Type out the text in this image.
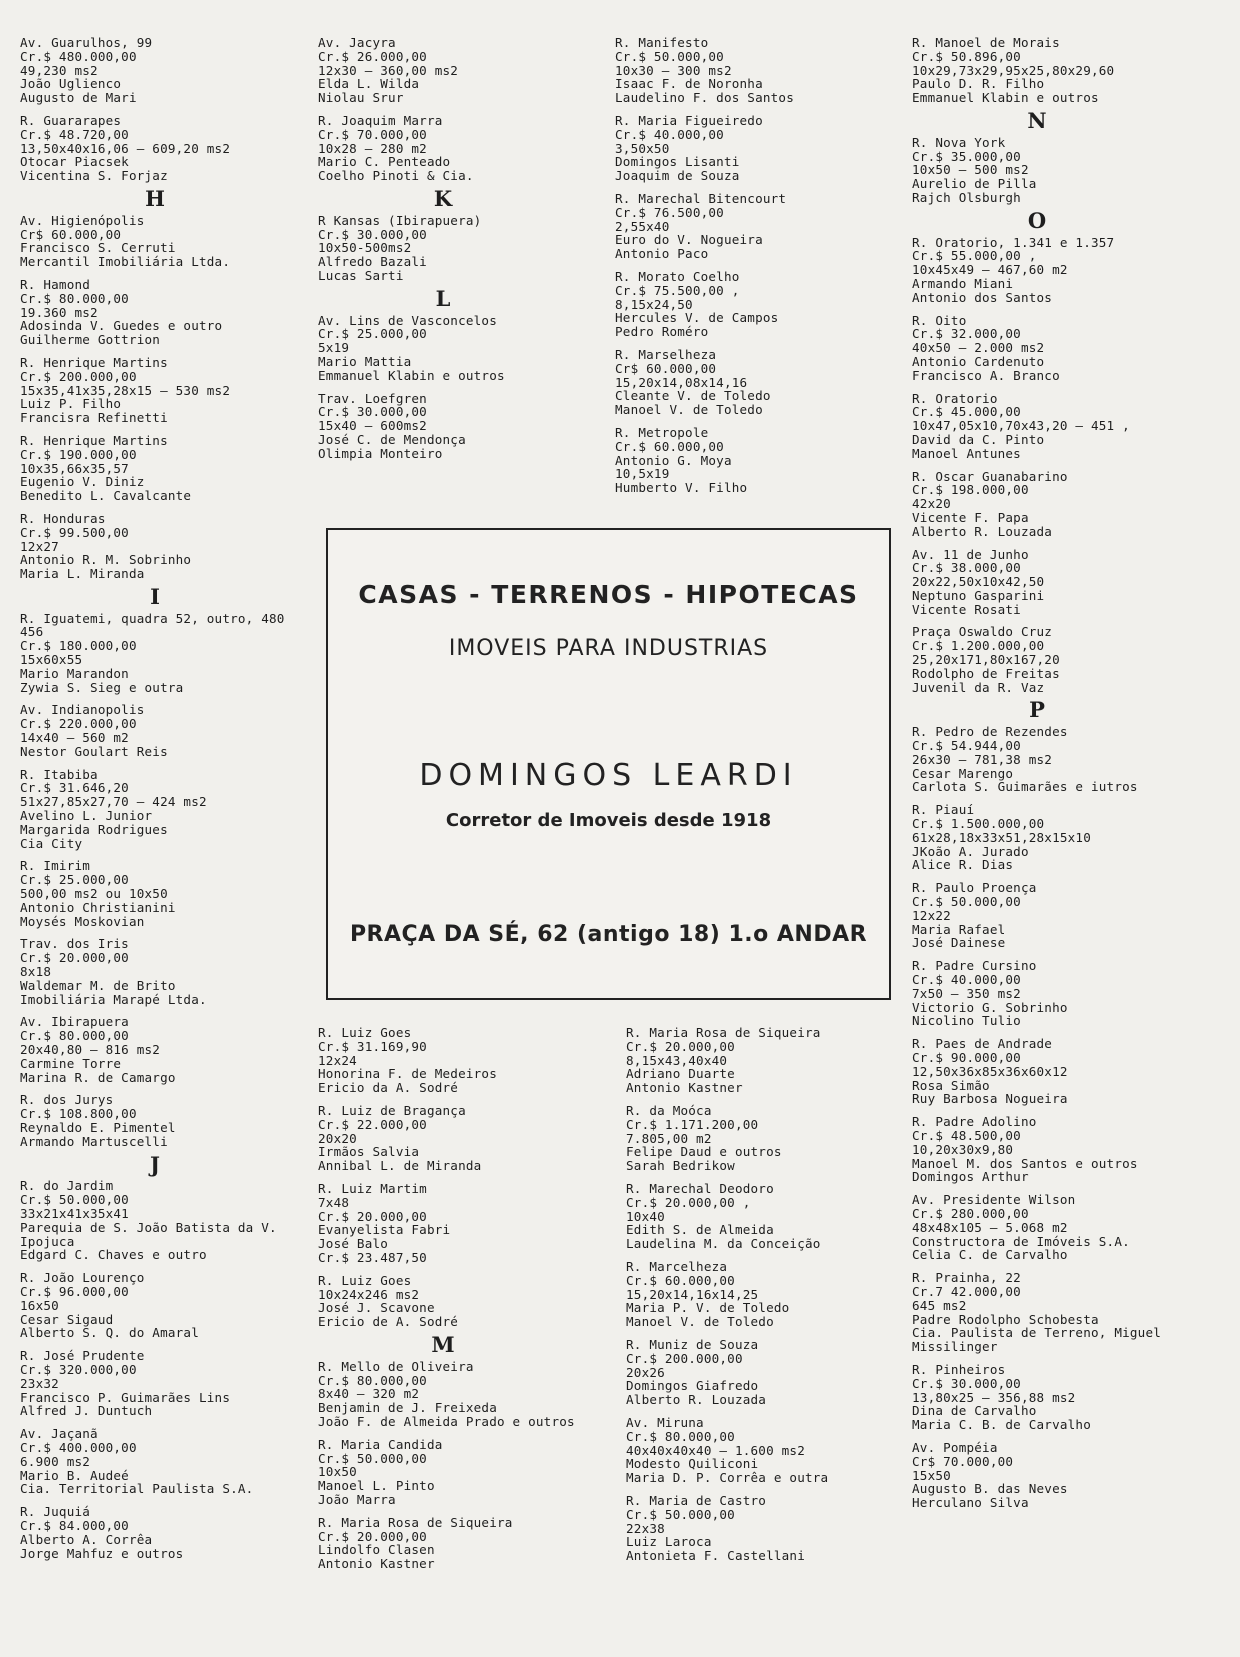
Av. Guarulhos, 99
Cr.$ 480.000,00
49,230 ms2
João Uglienco
Augusto de Mari
R. Guararapes
Cr.$ 48.720,00
13,50x40x16,06 — 609,20 ms2
Otocar Piacsek
Vicentina S. Forjaz
H
Av. Higienópolis
Cr$ 60.000,00
Francisco S. Cerruti
Mercantil Imobiliária Ltda.
R. Hamond
Cr.$ 80.000,00
19.360 ms2
Adosinda V. Guedes e outro
Guilherme Gottrion
R. Henrique Martins
Cr.$ 200.000,00
15x35,41x35,28x15 — 530 ms2
Luiz P. Filho
Francisra Refinetti
R. Henrique Martins
Cr.$ 190.000,00
10x35,66x35,57
Eugenio V. Diniz
Benedito L. Cavalcante
R. Honduras
Cr.$ 99.500,00
12x27
Antonio R. M. Sobrinho
Maria L. Miranda
I
R. Iguatemi, quadra 52, outro, 480
456
Cr.$ 180.000,00
15x60x55
Mario Marandon
Zywia S. Sieg e outra
Av. Indianopolis
Cr.$ 220.000,00
14x40 — 560 m2
Nestor Goulart Reis
R. Itabiba
Cr.$ 31.646,20
51x27,85x27,70 — 424 ms2
Avelino L. Junior
Margarida Rodrigues
Cia City
R. Imirim
Cr.$ 25.000,00
500,00 ms2 ou 10x50
Antonio Christianini
Moysés Moskovian
Trav. dos Iris
Cr.$ 20.000,00
8x18
Waldemar M. de Brito
Imobiliária Marapé Ltda.
Av. Ibirapuera
Cr.$ 80.000,00
20x40,80 — 816 ms2
Carmine Torre
Marina R. de Camargo
R. dos Jurys
Cr.$ 108.800,00
Reynaldo E. Pimentel
Armando Martuscelli
J
R. do Jardim
Cr.$ 50.000,00
33x21x41x35x41
Parequia de S. João Batista da V.
Ipojuca
Edgard C. Chaves e outro
R. João Lourenço
Cr.$ 96.000,00
16x50
Cesar Sigaud
Alberto S. Q. do Amaral
R. José Prudente
Cr.$ 320.000,00
23x32
Francisco P. Guimarães Lins
Alfred J. Duntuch
Av. Jaçanã
Cr.$ 400.000,00
6.900 ms2
Mario B. Audeé
Cia. Territorial Paulista S.A.
R. Juquiá
Cr.$ 84.000,00
Alberto A. Corrêa
Jorge Mahfuz e outros
Av. Jacyra
Cr.$ 26.000,00
12x30 — 360,00 ms2
Elda L. Wilda
Niolau Srur
R. Joaquim Marra
Cr.$ 70.000,00
10x28 — 280 m2
Mario C. Penteado
Coelho Pinoti & Cia.
K
R Kansas (Ibirapuera)
Cr.$ 30.000,00
10x50-500ms2
Alfredo Bazali
Lucas Sarti
L
Av. Lins de Vasconcelos
Cr.$ 25.000,00
5x19
Mario Mattia
Emmanuel Klabin e outros
Trav. Loefgren
Cr.$ 30.000,00
15x40 — 600ms2
José C. de Mendonça
Olimpia Monteiro
R. Manifesto
Cr.$ 50.000,00
10x30 — 300 ms2
Isaac F. de Noronha
Laudelino F. dos Santos
R. Maria Figueiredo
Cr.$ 40.000,00
3,50x50
Domingos Lisanti
Joaquim de Souza
R. Marechal Bitencourt
Cr.$ 76.500,00
2,55x40
Euro do V. Nogueira
Antonio Paco
R. Morato Coelho
Cr.$ 75.500,00 ,
8,15x24,50
Hercules V. de Campos
Pedro Roméro
R. Marselheza
Cr$ 60.000,00
15,20x14,08x14,16
Cleante V. de Toledo
Manoel V. de Toledo
R. Metropole
Cr.$ 60.000,00
Antonio G. Moya
10,5x19
Humberto V. Filho
R. Manoel de Morais
Cr.$ 50.896,00
10x29,73x29,95x25,80x29,60
Paulo D. R. Filho
Emmanuel Klabin e outros
N
R. Nova York
Cr.$ 35.000,00
10x50 — 500 ms2
Aurelio de Pilla
Rajch Olsburgh
O
R. Oratorio, 1.341 e 1.357
Cr.$ 55.000,00 ,
10x45x49 — 467,60 m2
Armando Miani
Antonio dos Santos
R. Oito
Cr.$ 32.000,00
40x50 — 2.000 ms2
Antonio Cardenuto
Francisco A. Branco
R. Oratorio
Cr.$ 45.000,00
10x47,05x10,70x43,20 — 451 ,
David da C. Pinto
Manoel Antunes
R. Oscar Guanabarino
Cr.$ 198.000,00
42x20
Vicente F. Papa
Alberto R. Louzada
Av. 11 de Junho
Cr.$ 38.000,00
20x22,50x10x42,50
Neptuno Gasparini
Vicente Rosati
Praça Oswaldo Cruz
Cr.$ 1.200.000,00
25,20x171,80x167,20
Rodolpho de Freitas
Juvenil da R. Vaz
P
R. Pedro de Rezendes
Cr.$ 54.944,00
26x30 — 781,38 ms2
Cesar Marengo
Carlota S. Guimarães e iutros
R. Piauí
Cr.$ 1.500.000,00
61x28,18x33x51,28x15x10
JKoão A. Jurado
Alice R. Dias
R. Paulo Proença
Cr.$ 50.000,00
12x22
Maria Rafael
José Dainese
R. Padre Cursino
Cr.$ 40.000,00
7x50 — 350 ms2
Victorio G. Sobrinho
Nicolino Tulio
R. Paes de Andrade
Cr.$ 90.000,00
12,50x36x85x36x60x12
Rosa Simão
Ruy Barbosa Nogueira
R. Padre Adolino
Cr.$ 48.500,00
10,20x30x9,80
Manoel M. dos Santos e outros
Domingos Arthur
Av. Presidente Wilson
Cr.$ 280.000,00
48x48x105 — 5.068 m2
Constructora de Imóveis S.A.
Celia C. de Carvalho
R. Prainha, 22
Cr.7 42.000,00
645 ms2
Padre Rodolpho Schobesta
Cia. Paulista de Terreno, Miguel
Missilinger
R. Pinheiros
Cr.$ 30.000,00
13,80x25 — 356,88 ms2
Dina de Carvalho
Maria C. B. de Carvalho
Av. Pompéia
Cr$ 70.000,00
15x50
Augusto B. das Neves
Herculano Silva
R. Luiz Goes
Cr.$ 31.169,90
12x24
Honorina F. de Medeiros
Ericio da A. Sodré
R. Luiz de Bragança
Cr.$ 22.000,00
20x20
Irmãos Salvia
Annibal L. de Miranda
R. Luiz Martim
7x48
Cr.$ 20.000,00
Evanyelista Fabri
José Balo
Cr.$ 23.487,50
R. Luiz Goes
10x24x246 ms2
José J. Scavone
Ericio de A. Sodré
M
R. Mello de Oliveira
Cr.$ 80.000,00
8x40 — 320 m2
Benjamin de J. Freixeda
João F. de Almeida Prado e outros
R. Maria Candida
Cr.$ 50.000,00
10x50
Manoel L. Pinto
João Marra
R. Maria Rosa de Siqueira
Cr.$ 20.000,00
Lindolfo Clasen
Antonio Kastner
R. Maria Rosa de Siqueira
Cr.$ 20.000,00
8,15x43,40x40
Adriano Duarte
Antonio Kastner
R. da Moóca
Cr.$ 1.171.200,00
7.805,00 m2
Felipe Daud e outros
Sarah Bedrikow
R. Marechal Deodoro
Cr.$ 20.000,00 ,
10x40
Edith S. de Almeida
Laudelina M. da Conceição
R. Marcelheza
Cr.$ 60.000,00
15,20x14,16x14,25
Maria P. V. de Toledo
Manoel V. de Toledo
R. Muniz de Souza
Cr.$ 200.000,00
20x26
Domingos Giafredo
Alberto R. Louzada
Av. Miruna
Cr.$ 80.000,00
40x40x40x40 — 1.600 ms2
Modesto Quiliconi
Maria D. P. Corrêa e outra
R. Maria de Castro
Cr.$ 50.000,00
22x38
Luiz Laroca
Antonieta F. Castellani
CASAS - TERRENOS - HIPOTECAS
IMOVEIS PARA INDUSTRIAS
DOMINGOS LEARDI
Corretor de Imoveis desde 1918
PRAÇA DA SÉ, 62 (antigo 18) 1.o ANDAR
